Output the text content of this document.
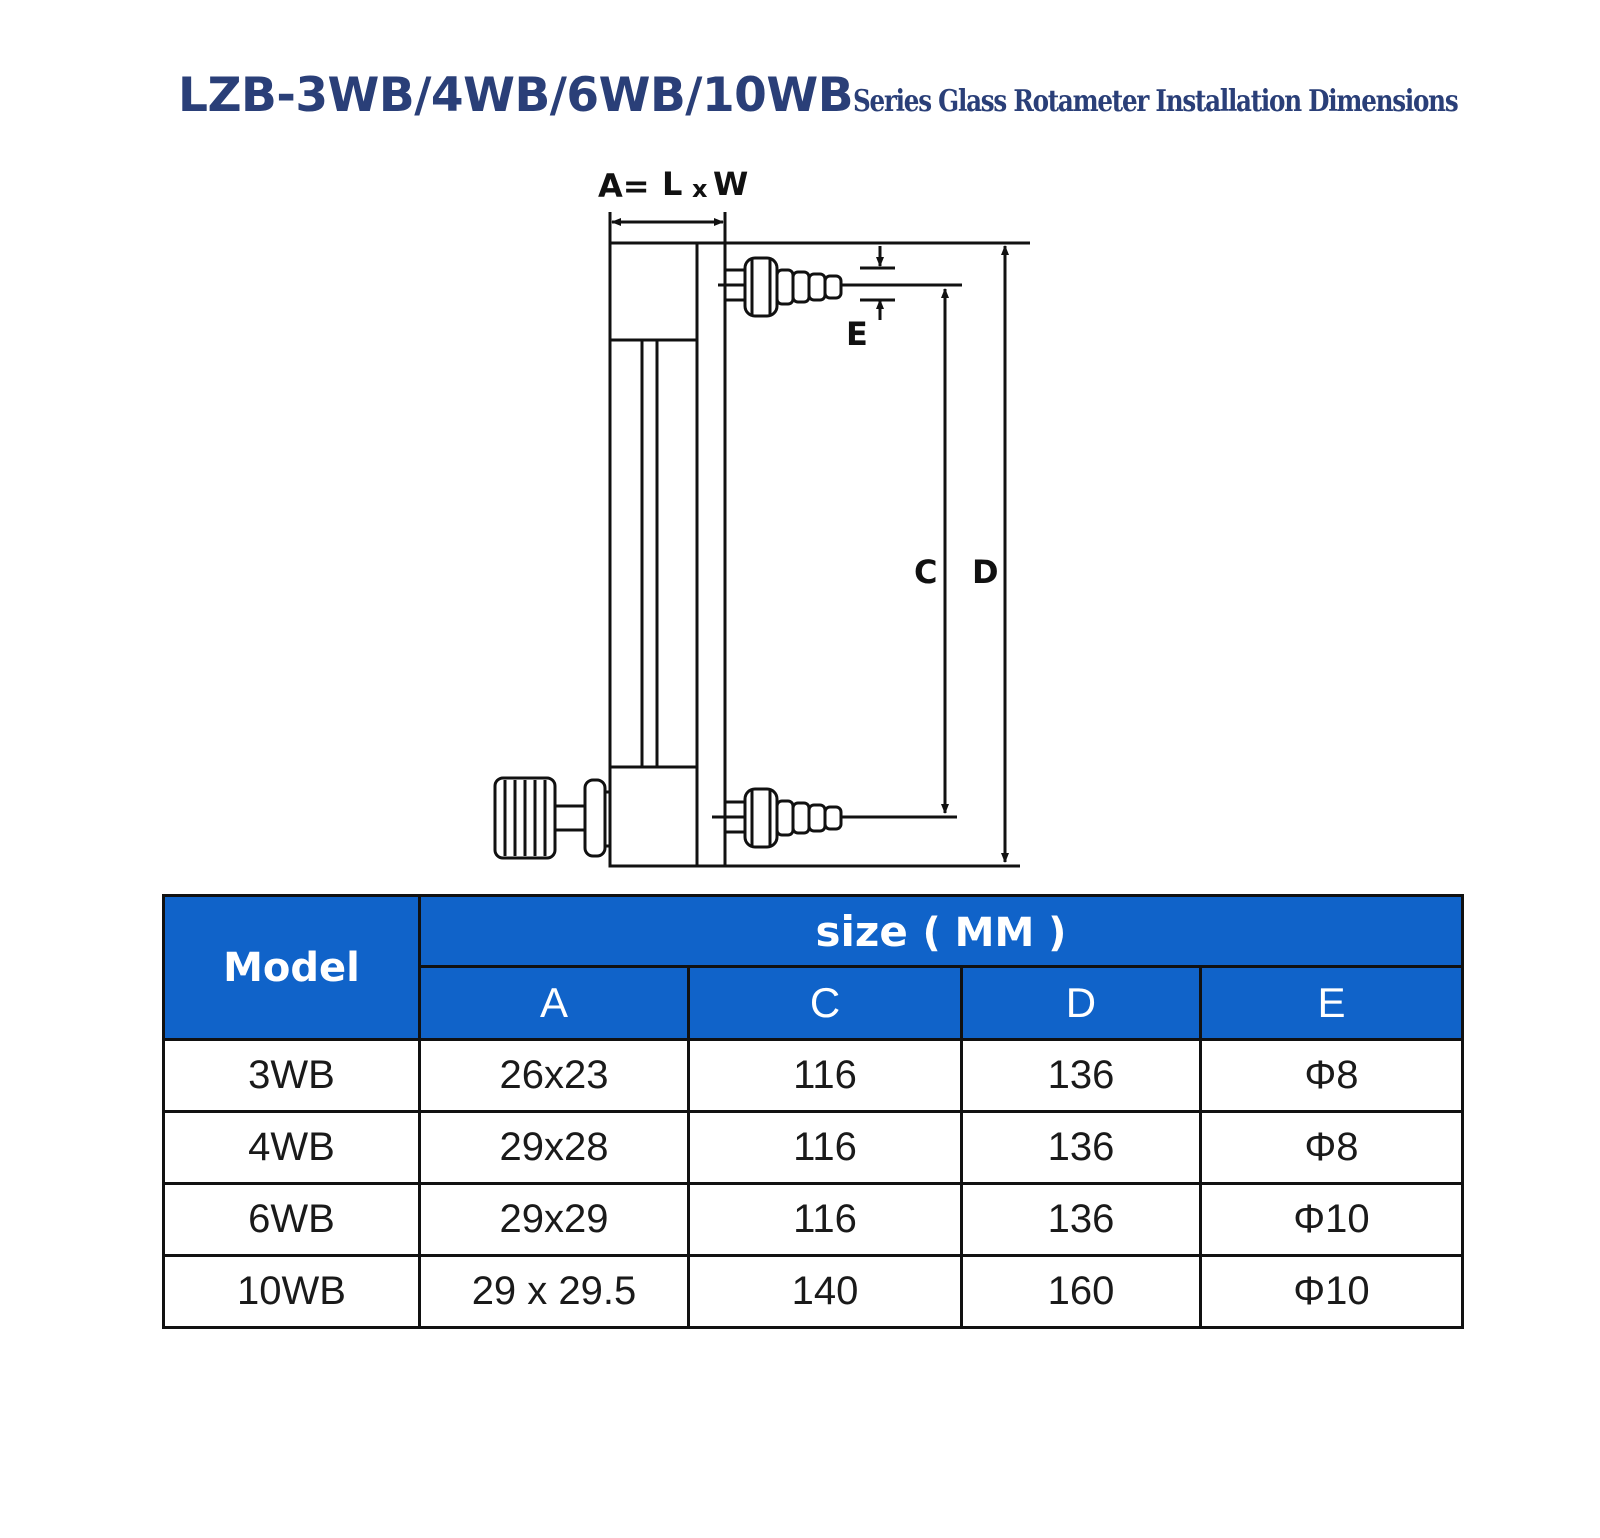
LZB-3WB/4WB/6WB/10WBSeries Glass Rotameter Installation Dimensions
A= L x W
E
C D
Model	size ( MM )			
	A	C	D	E
3WB	26x23	116	136	Φ8
4WB	29x28	116	136	Φ8
6WB	29x29	116	136	Φ10
10WB	29 x 29.5	140	160	Φ10
